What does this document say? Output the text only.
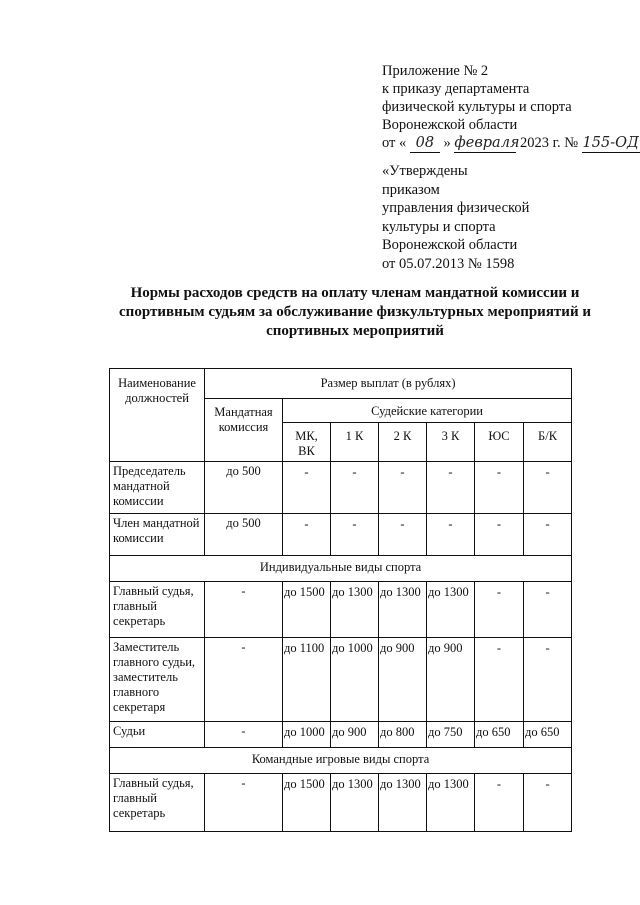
Приложение № 2
к приказу департамента
физической культуры и спорта
Воронежской области
от « 08 » февраля 2023 г. № 155-ОД
«Утверждены
приказом
управления физической
культуры и спорта
Воронежской области
от 05.07.2013 № 1598
Нормы расходов средств на оплату членам мандатной комиссии и спортивным судьям за обслуживание физкультурных мероприятий и спортивных мероприятий
Наименование должностей	Размер выплат (в рублях)						
	Мандатная комиссия	Судейские категории					
		МК, ВК	1 К	2 К	3 К	ЮС	Б/К
Председатель мандатной комиссии	до 500	-	-	-	-	-	-
Член мандатной комиссии	до 500	-	-	-	-	-	-
Индивидуальные виды спорта							
Главный судья, главный секретарь	-	до 1500	до 1300	до 1300	до 1300	-	-
Заместитель главного судьи, заместитель главного секретаря	-	до 1100	до 1000	до 900	до 900	-	-
Судьи	-	до 1000	до 900	до 800	до 750	до 650	до 650
Командные игровые виды спорта							
Главный судья, главный секретарь	-	до 1500	до 1300	до 1300	до 1300	-	-
